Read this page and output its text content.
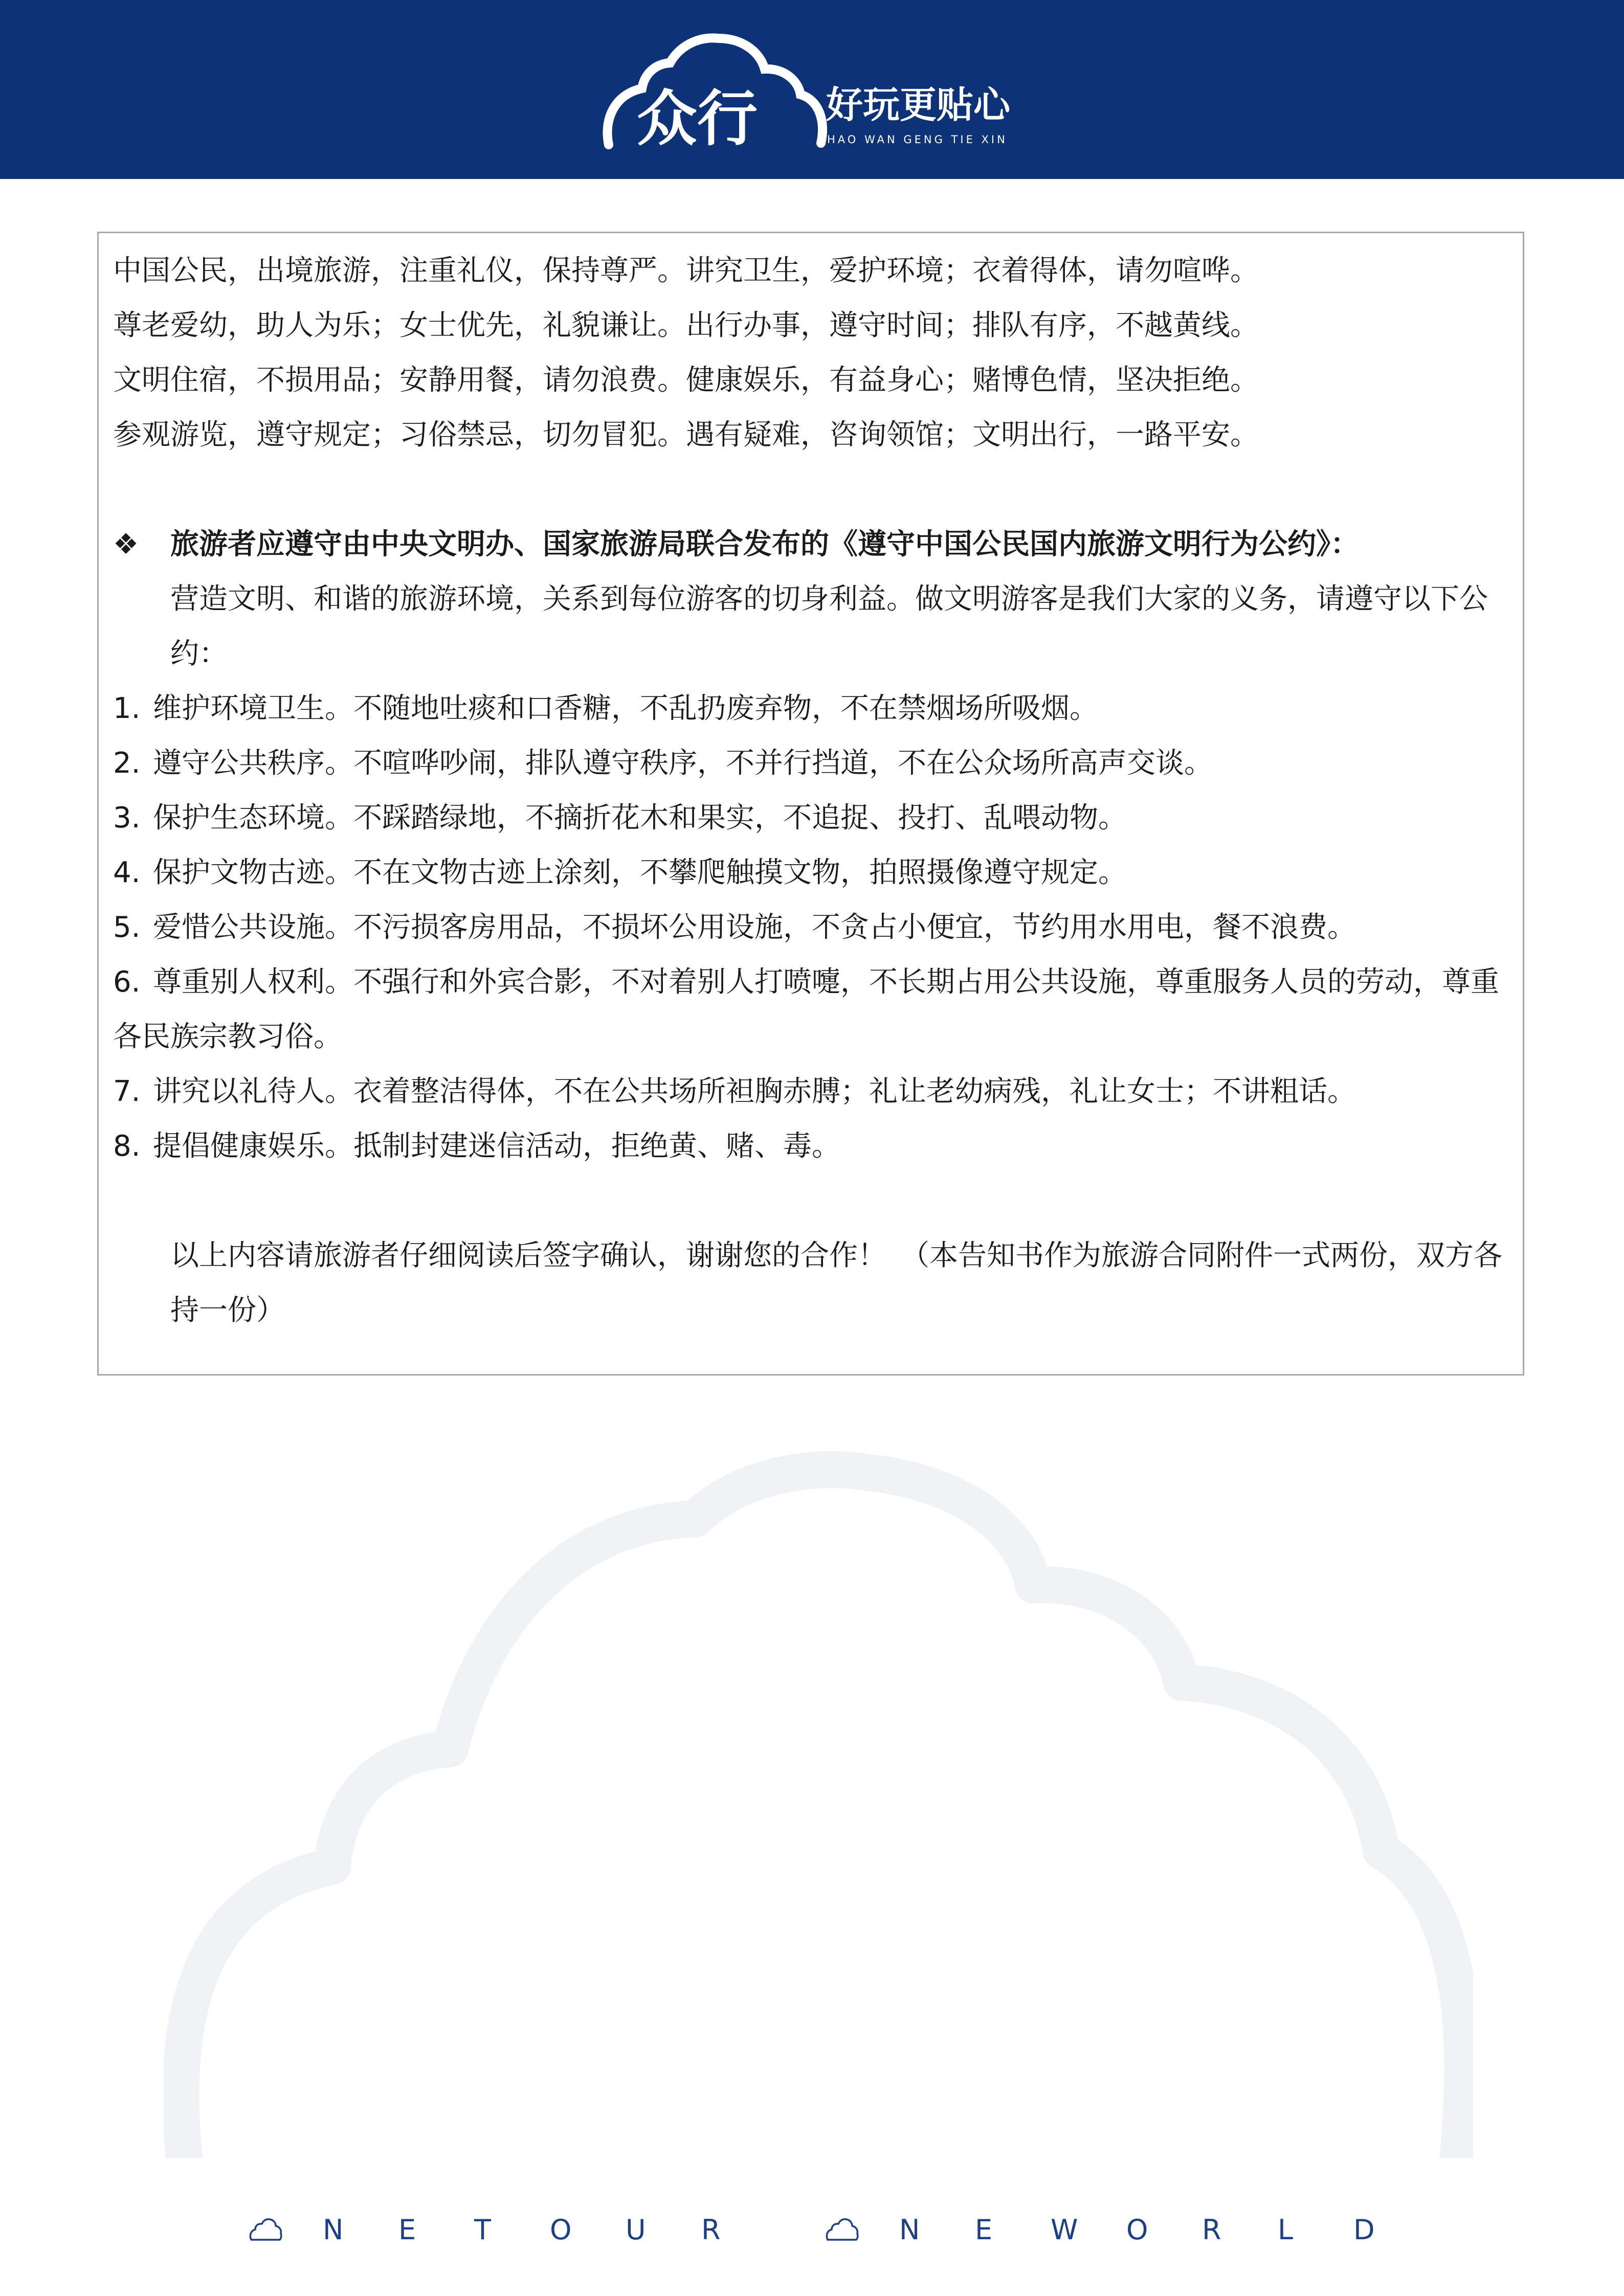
众行 好玩更贴心
HAO WAN GENG TIE XIN
中国公民，出境旅游，注重礼仪，保持尊严。讲究卫生，爱护环境；衣着得体，请勿喧哗。
尊老爱幼，助人为乐；女士优先，礼貌谦让。出行办事，遵守时间；排队有序，不越黄线。
文明住宿，不损用品；安静用餐，请勿浪费。健康娱乐，有益身心；赌博色情，坚决拒绝。
参观游览，遵守规定；习俗禁忌，切勿冒犯。遇有疑难，咨询领馆；文明出行，一路平安。
❖ 旅游者应遵守由中央文明办、国家旅游局联合发布的《遵守中国公民国内旅游文明行为公约》：
营造文明、和谐的旅游环境，关系到每位游客的切身利益。做文明游客是我们大家的义务，请遵守以下公约：
1. 维护环境卫生。不随地吐痰和口香糖，不乱扔废弃物，不在禁烟场所吸烟。
2. 遵守公共秩序。不喧哗吵闹，排队遵守秩序，不并行挡道，不在公众场所高声交谈。
3. 保护生态环境。不踩踏绿地，不摘折花木和果实，不追捉、投打、乱喂动物。
4. 保护文物古迹。不在文物古迹上涂刻，不攀爬触摸文物，拍照摄像遵守规定。
5. 爱惜公共设施。不污损客房用品，不损坏公用设施，不贪占小便宜，节约用水用电，餐不浪费。
6. 尊重别人权利。不强行和外宾合影，不对着别人打喷嚏，不长期占用公共设施，尊重服务人员的劳动，尊重各民族宗教习俗。
7. 讲究以礼待人。衣着整洁得体，不在公共场所袒胸赤膊；礼让老幼病残，礼让女士；不讲粗话。
8. 提倡健康娱乐。抵制封建迷信活动，拒绝黄、赌、毒。
以上内容请旅游者仔细阅读后签字确认，谢谢您的合作！　（本告知书作为旅游合同附件一式两份，双方各持一份）
N	E	T	O	U	R	N	E	W	O	R	L	D
